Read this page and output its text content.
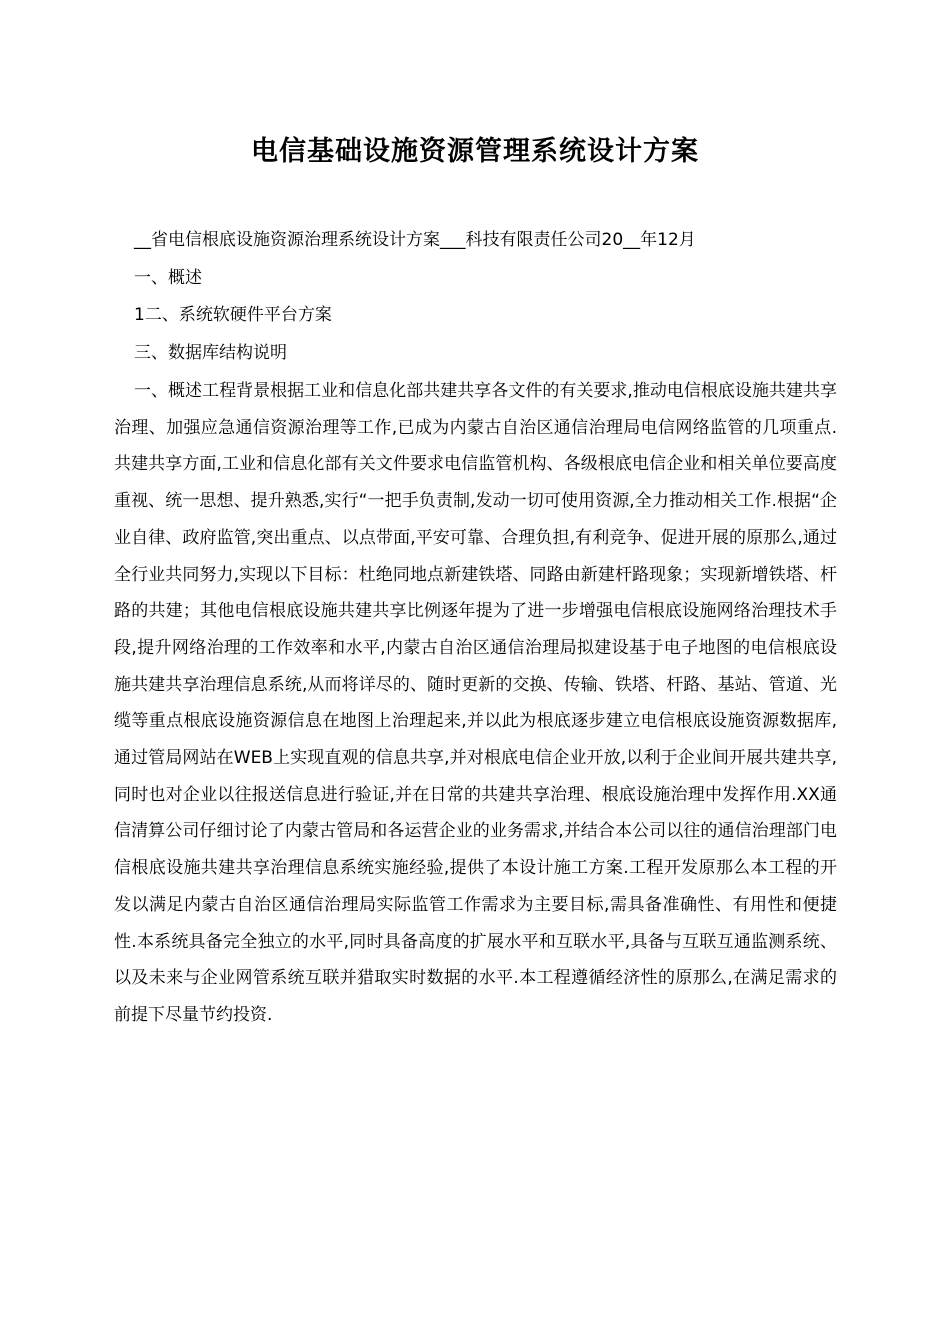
电信基础设施资源管理系统设计方案

__省电信根底设施资源治理系统设计方案___科技有限责任公司20__年12月

一、概述

1二、系统软硬件平台方案

三、数据库结构说明

一、概述工程背景根据工业和信息化部共建共享各文件的有关要求,推动电信根底设施共建共享治理、加强应急通信资源治理等工作,已成为内蒙古自治区通信治理局电信网络监管的几项重点.共建共享方面,工业和信息化部有关文件要求电信监管机构、各级根底电信企业和相关单位要高度重视、统一思想、提升熟悉,实行“一把手负责制,发动一切可使用资源,全力推动相关工作.根据“企业自律、政府监管,突出重点、以点带面,平安可靠、合理负担,有利竞争、促进开展的原那么,通过全行业共同努力,实现以下目标：杜绝同地点新建铁塔、同路由新建杆路现象；实现新增铁塔、杆路的共建；其他电信根底设施共建共享比例逐年提为了进一步增强电信根底设施网络治理技术手段,提升网络治理的工作效率和水平,内蒙古自治区通信治理局拟建设基于电子地图的电信根底设施共建共享治理信息系统,从而将详尽的、随时更新的交换、传输、铁塔、杆路、基站、管道、光缆等重点根底设施资源信息在地图上治理起来,并以此为根底逐步建立电信根底设施资源数据库,通过管局网站在WEB上实现直观的信息共享,并对根底电信企业开放,以利于企业间开展共建共享,同时也对企业以往报送信息进行验证,并在日常的共建共享治理、根底设施治理中发挥作用.XX通信清算公司仔细讨论了内蒙古管局和各运营企业的业务需求,并结合本公司以往的通信治理部门电信根底设施共建共享治理信息系统实施经验,提供了本设计施工方案.工程开发原那么本工程的开发以满足内蒙古自治区通信治理局实际监管工作需求为主要目标,需具备准确性、有用性和便捷性.本系统具备完全独立的水平,同时具备高度的扩展水平和互联水平,具备与互联互通监测系统、以及未来与企业网管系统互联并猎取实时数据的水平.本工程遵循经济性的原那么,在满足需求的前提下尽量节约投资.
